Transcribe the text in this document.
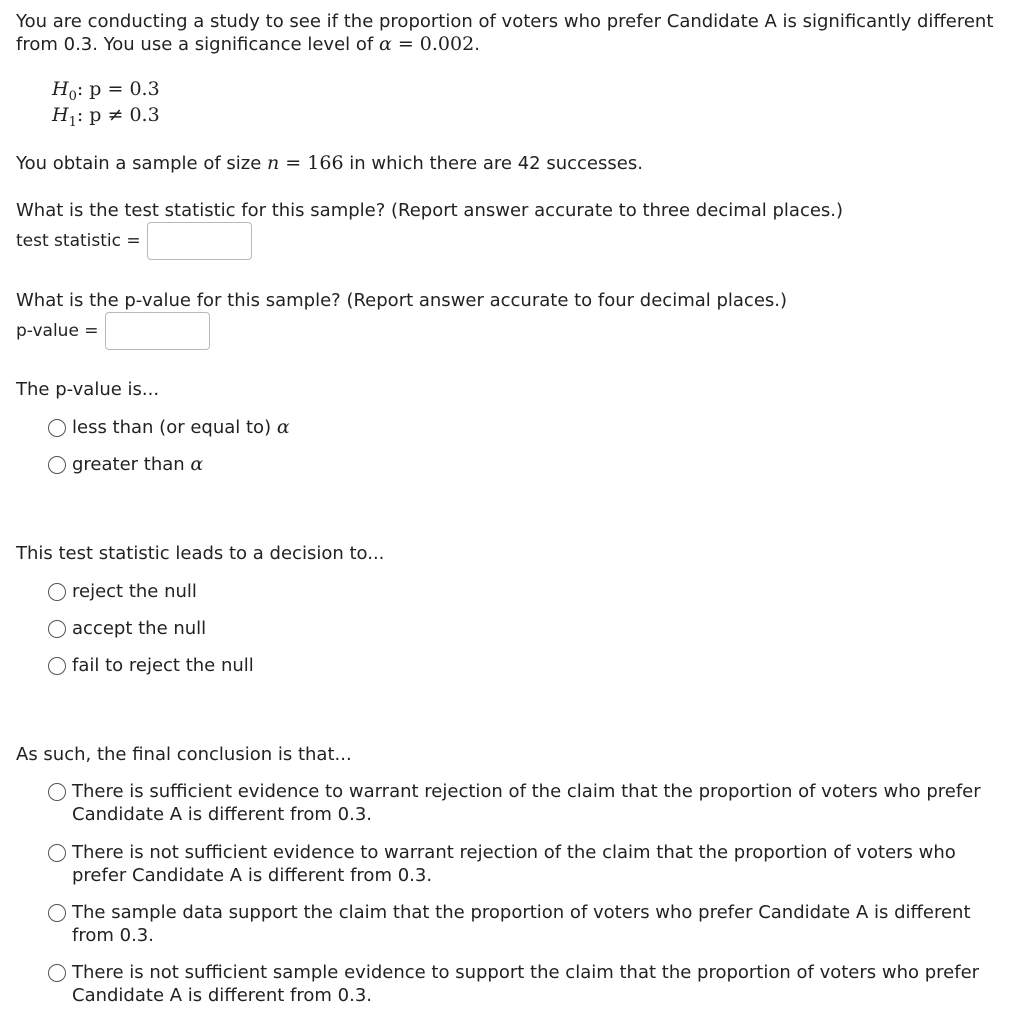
You are conducting a study to see if the proportion of voters who prefer Candidate A is significantly different from 0.3. You use a significance level of α = 0.002.
$H_0$: p = 0.3
$H_1$: p ≠ 0.3
You obtain a sample of size n = 166 in which there are 42 successes.
What is the test statistic for this sample? (Report answer accurate to three decimal places.)
test statistic =
What is the p-value for this sample? (Report answer accurate to four decimal places.)
p-value =
The p-value is...
less than (or equal to) α
greater than α
This test statistic leads to a decision to...
reject the null
accept the null
fail to reject the null
As such, the final conclusion is that...
There is sufficient evidence to warrant rejection of the claim that the proportion of voters who prefer Candidate A is different from 0.3.
There is not sufficient evidence to warrant rejection of the claim that the proportion of voters who prefer Candidate A is different from 0.3.
The sample data support the claim that the proportion of voters who prefer Candidate A is different from 0.3.
There is not sufficient sample evidence to support the claim that the proportion of voters who prefer Candidate A is different from 0.3.
